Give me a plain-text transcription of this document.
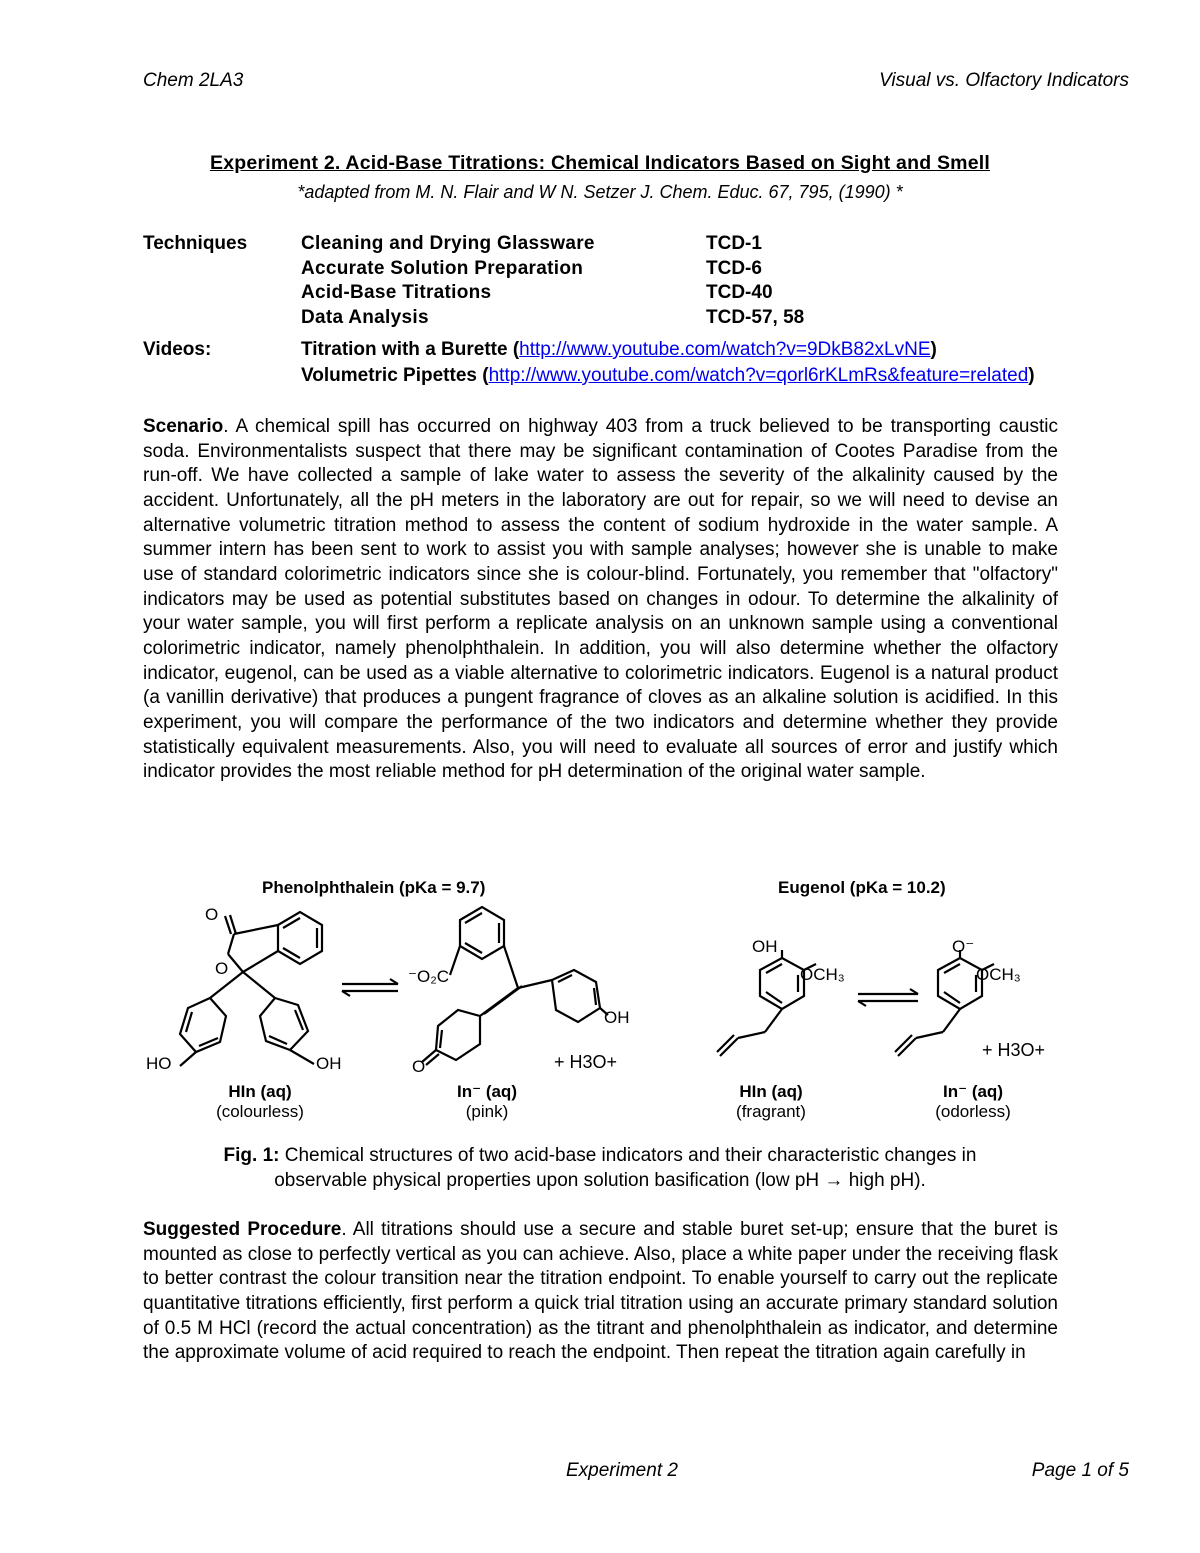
Chem 2LA3	Visual vs. Olfactory Indicators
Experiment 2. Acid-Base Titrations: Chemical Indicators Based on Sight and Smell
*adapted from M. N. Flair and W N. Setzer J. Chem. Educ. 67, 795, (1990) *
Techniques	Cleaning and Drying Glassware	TCD-1
Accurate Solution Preparation	TCD-6
Acid-Base Titrations	TCD-40
Data Analysis	TCD-57, 58
Videos:	Titration with a Burette (http://www.youtube.com/watch?v=9DkB82xLvNE)
Volumetric Pipettes (http://www.youtube.com/watch?v=qorl6rKLmRs&feature=related)
Scenario. A chemical spill has occurred on highway 403 from a truck believed to be transporting caustic soda. Environmentalists suspect that there may be significant contamination of Cootes Paradise from the run-off. We have collected a sample of lake water to assess the severity of the alkalinity caused by the accident. Unfortunately, all the pH meters in the laboratory are out for repair, so we will need to devise an alternative volumetric titration method to assess the content of sodium hydroxide in the water sample. A summer intern has been sent to work to assist you with sample analyses; however she is unable to make use of standard colorimetric indicators since she is colour-blind. Fortunately, you remember that "olfactory" indicators may be used as potential substitutes based on changes in odour. To determine the alkalinity of your water sample, you will first perform a replicate analysis on an unknown sample using a conventional colorimetric indicator, namely phenolphthalein. In addition, you will also determine whether the olfactory indicator, eugenol, can be used as a viable alternative to colorimetric indicators. Eugenol is a natural product (a vanillin derivative) that produces a pungent fragrance of cloves as an alkaline solution is acidified. In this experiment, you will compare the performance of the two indicators and determine whether they provide statistically equivalent measurements. Also, you will need to evaluate all sources of error and justify which indicator provides the most reliable method for pH determination of the original water sample.
O
O
HO	OH
⁻O₂C
O
OH
OH
OCH₃
O⁻
OCH₃
Phenolphthalein (pKa = 9.7)	Eugenol (pKa = 10.2)
+ H3O+
+ H3O+
HIn (aq)
(colourless)
In⁻ (aq)
(pink)
HIn (aq)
(fragrant)
In⁻ (aq)
(odorless)
Fig. 1: Chemical structures of two acid-base indicators and their characteristic changes in
observable physical properties upon solution basification (low pH → high pH).
Suggested Procedure. All titrations should use a secure and stable buret set-up; ensure that the buret is mounted as close to perfectly vertical as you can achieve. Also, place a white paper under the receiving flask to better contrast the colour transition near the titration endpoint. To enable yourself to carry out the replicate quantitative titrations efficiently, first perform a quick trial titration using an accurate primary standard solution of 0.5 M HCl (record the actual concentration) as the titrant and phenolphthalein as indicator, and determine the approximate volume of acid required to reach the endpoint. Then repeat the titration again carefully in
Experiment 2	Page 1 of 5
